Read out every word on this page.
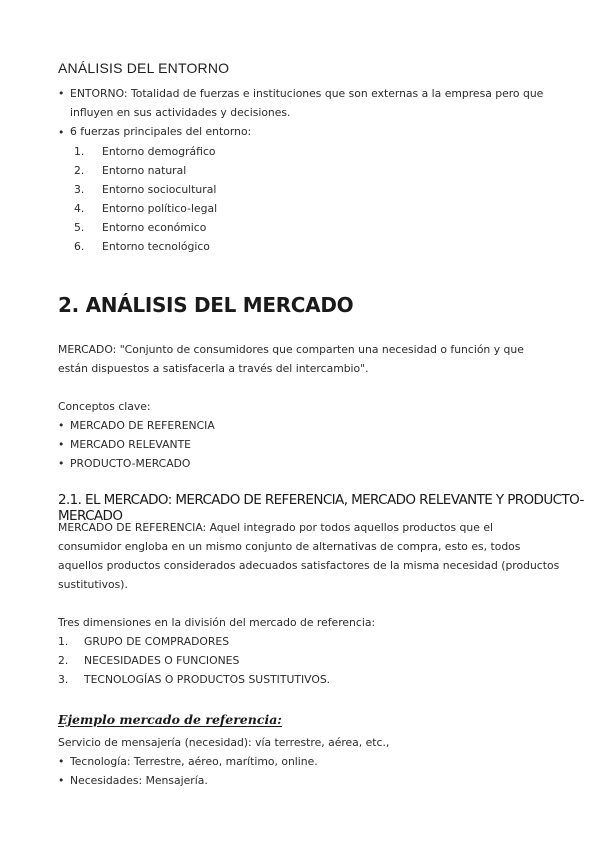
ANÁLISIS DEL ENTORNO
• ENTORNO: Totalidad de fuerzas e instituciones que son externas a la empresa pero que
influyen en sus actividades y decisiones.
• 6 fuerzas principales del entorno:
1. Entorno demográfico
2. Entorno natural
3. Entorno sociocultural
4. Entorno político-legal
5. Entorno económico
6. Entorno tecnológico
2. ANÁLISIS DEL MERCADO
MERCADO: "Conjunto de consumidores que comparten una necesidad o función y que
están dispuestos a satisfacerla a través del intercambio".
Conceptos clave:
• MERCADO DE REFERENCIA
• MERCADO RELEVANTE
• PRODUCTO-MERCADO
2.1. EL MERCADO: MERCADO DE REFERENCIA, MERCADO RELEVANTE Y PRODUCTO-MERCADO
MERCADO DE REFERENCIA: Aquel integrado por todos aquellos productos que el
consumidor engloba en un mismo conjunto de alternativas de compra, esto es, todos
aquellos productos considerados adecuados satisfactores de la misma necesidad (productos
sustitutivos).
Tres dimensiones en la división del mercado de referencia:
1. GRUPO DE COMPRADORES
2. NECESIDADES O FUNCIONES
3. TECNOLOGÍAS O PRODUCTOS SUSTITUTIVOS.
Ejemplo mercado de referencia:
Servicio de mensajería (necesidad): vía terrestre, aérea, etc.,
• Tecnología: Terrestre, aéreo, marítimo, online.
• Necesidades: Mensajería.
